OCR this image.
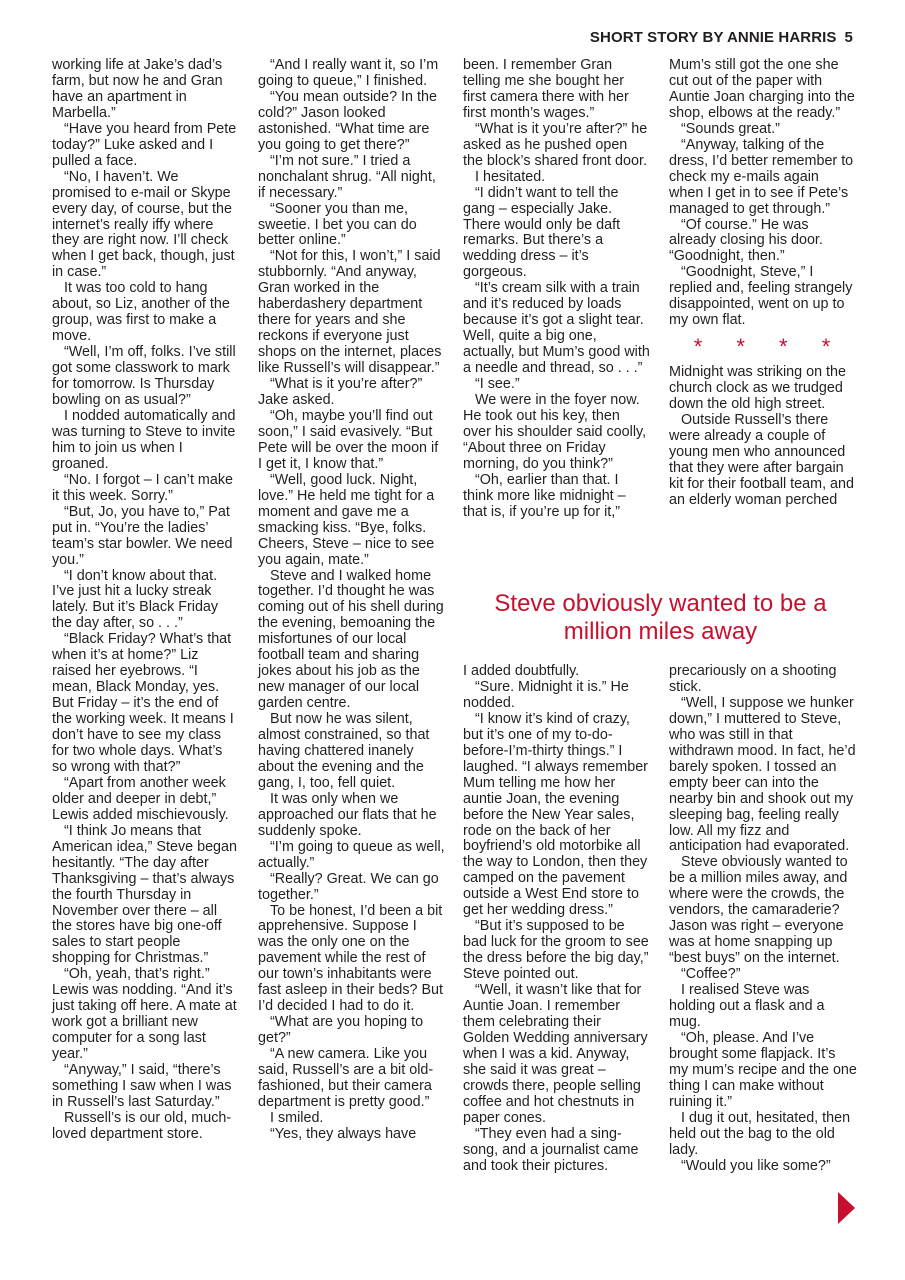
SHORT STORY BY ANNIE HARRIS 5

working life at Jake’s dad’s farm, but now he and Gran have an apartment in Marbella.”

“Have you heard from Pete today?” Luke asked and I pulled a face.

“No, I haven’t. We promised to e-mail or Skype every day, of course, but the internet’s really iffy where they are right now. I’ll check when I get back, though, just in case.”

It was too cold to hang about, so Liz, another of the group, was first to make a move.

“Well, I’m off, folks. I’ve still got some classwork to mark for tomorrow. Is Thursday bowling on as usual?”

I nodded automatically and was turning to Steve to invite him to join us when I groaned.

“No. I forgot – I can’t make it this week. Sorry.”

“But, Jo, you have to,” Pat put in. “You’re the ladies’ team’s star bowler. We need you.”

“I don’t know about that. I’ve just hit a lucky streak lately. But it’s Black Friday the day after, so . . .”

“Black Friday? What’s that when it’s at home?” Liz raised her eyebrows. “I mean, Black Monday, yes. But Friday – it’s the end of the working week. It means I don’t have to see my class for two whole days. What’s so wrong with that?”

“Apart from another week older and deeper in debt,” Lewis added mischievously.

“I think Jo means that American idea,” Steve began hesitantly. “The day after Thanksgiving – that’s always the fourth Thursday in November over there – all the stores have big one-off sales to start people shopping for Christmas.”

“Oh, yeah, that’s right.” Lewis was nodding. “And it’s just taking off here. A mate at work got a brilliant new computer for a song last year.”

“Anyway,” I said, “there’s something I saw when I was in Russell’s last Saturday.”

Russell’s is our old, much-loved department store.

“And I really want it, so I’m going to queue,” I finished.

“You mean outside? In the cold?” Jason looked astonished. “What time are you going to get there?”

“I’m not sure.” I tried a nonchalant shrug. “All night, if necessary.”

“Sooner you than me, sweetie. I bet you can do better online.”

“Not for this, I won’t,” I said stubbornly. “And anyway, Gran worked in the haberdashery department there for years and she reckons if everyone just shops on the internet, places like Russell’s will disappear.”

“What is it you’re after?” Jake asked.

“Oh, maybe you’ll find out soon,” I said evasively. “But Pete will be over the moon if I get it, I know that.”

“Well, good luck. Night, love.” He held me tight for a moment and gave me a smacking kiss. “Bye, folks. Cheers, Steve – nice to see you again, mate.”

Steve and I walked home together. I’d thought he was coming out of his shell during the evening, bemoaning the misfortunes of our local football team and sharing jokes about his job as the new manager of our local garden centre.

But now he was silent, almost constrained, so that having chattered inanely about the evening and the gang, I, too, fell quiet.

It was only when we approached our flats that he suddenly spoke.

“I’m going to queue as well, actually.”

“Really? Great. We can go together.”

To be honest, I’d been a bit apprehensive. Suppose I was the only one on the pavement while the rest of our town’s inhabitants were fast asleep in their beds? But I’d decided I had to do it.

“What are you hoping to get?”

“A new camera. Like you said, Russell’s are a bit old-fashioned, but their camera department is pretty good.”

I smiled.

“Yes, they always have

been. I remember Gran telling me she bought her first camera there with her first month’s wages.”

“What is it you’re after?” he asked as he pushed open the block’s shared front door.

I hesitated.

“I didn’t want to tell the gang – especially Jake. There would only be daft remarks. But there’s a wedding dress – it’s gorgeous.

“It’s cream silk with a train and it’s reduced by loads because it’s got a slight tear. Well, quite a big one, actually, but Mum’s good with a needle and thread, so . . .”

“I see.”

We were in the foyer now. He took out his key, then over his shoulder said coolly, “About three on Friday morning, do you think?”

“Oh, earlier than that. I think more like midnight – that is, if you’re up for it,”

Mum’s still got the one she cut out of the paper with Auntie Joan charging into the shop, elbows at the ready.”

“Sounds great.”

“Anyway, talking of the dress, I’d better remember to check my e-mails again when I get in to see if Pete’s managed to get through.”

“Of course.” He was already closing his door. “Goodnight, then.”

“Goodnight, Steve,” I replied and, feeling strangely disappointed, went on up to my own flat.

* * * *

Midnight was striking on the church clock as we trudged down the old high street.

Outside Russell’s there were already a couple of young men who announced that they were after bargain kit for their football team, and an elderly woman perched

Steve obviously wanted to be a million miles away

I added doubtfully.

“Sure. Midnight it is.” He nodded.

“I know it’s kind of crazy, but it’s one of my to-do-before-I’m-thirty things.” I laughed. “I always remember Mum telling me how her auntie Joan, the evening before the New Year sales, rode on the back of her boyfriend’s old motorbike all the way to London, then they camped on the pavement outside a West End store to get her wedding dress.”

“But it’s supposed to be bad luck for the groom to see the dress before the big day,” Steve pointed out.

“Well, it wasn’t like that for Auntie Joan. I remember them celebrating their Golden Wedding anniversary when I was a kid. Anyway, she said it was great – crowds there, people selling coffee and hot chestnuts in paper cones.

“They even had a sing-song, and a journalist came and took their pictures.

precariously on a shooting stick.

“Well, I suppose we hunker down,” I muttered to Steve, who was still in that withdrawn mood. In fact, he’d barely spoken. I tossed an empty beer can into the nearby bin and shook out my sleeping bag, feeling really low. All my fizz and anticipation had evaporated.

Steve obviously wanted to be a million miles away, and where were the crowds, the vendors, the camaraderie? Jason was right – everyone was at home snapping up “best buys” on the internet.

“Coffee?”

I realised Steve was holding out a flask and a mug.

“Oh, please. And I’ve brought some flapjack. It’s my mum’s recipe and the one thing I can make without ruining it.”

I dug it out, hesitated, then held out the bag to the old lady.

“Would you like some?”
